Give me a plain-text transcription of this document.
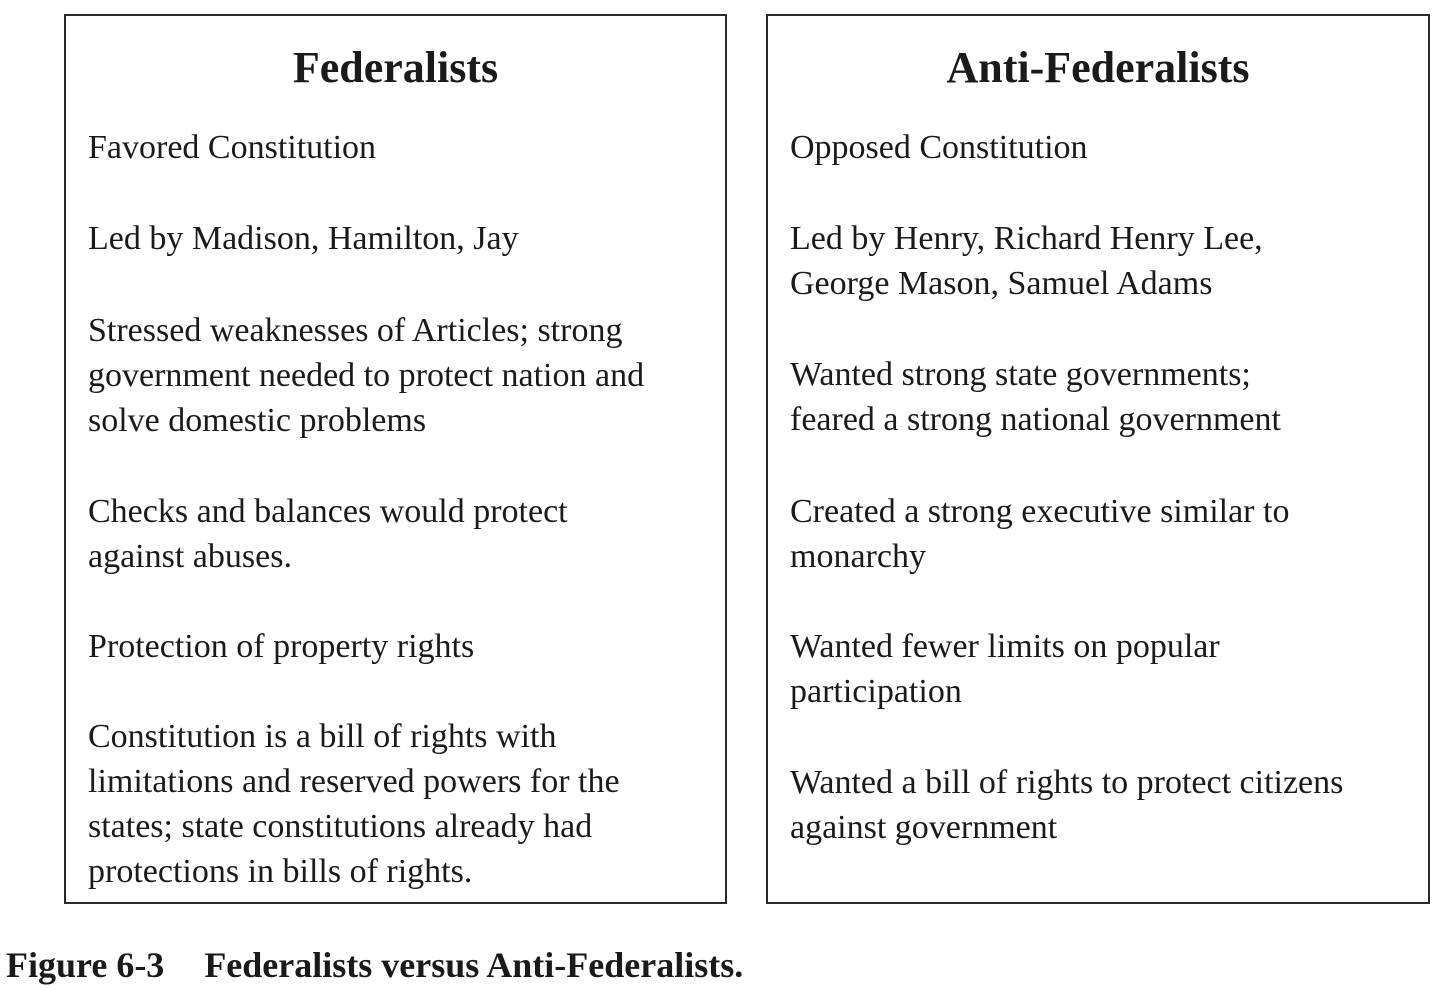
Federalists

Favored Constitution

Led by Madison, Hamilton, Jay

Stressed weaknesses of Articles; strong
government needed to protect nation and
solve domestic problems

Checks and balances would protect
against abuses.

Protection of property rights

Constitution is a bill of rights with
limitations and reserved powers for the
states; state constitutions already had
protections in bills of rights.

Anti-Federalists

Opposed Constitution

Led by Henry, Richard Henry Lee,
George Mason, Samuel Adams

Wanted strong state governments;
feared a strong national government

Created a strong executive similar to
monarchy

Wanted fewer limits on popular
participation

Wanted a bill of rights to protect citizens
against government

Figure 6-3 Federalists versus Anti-Federalists.
